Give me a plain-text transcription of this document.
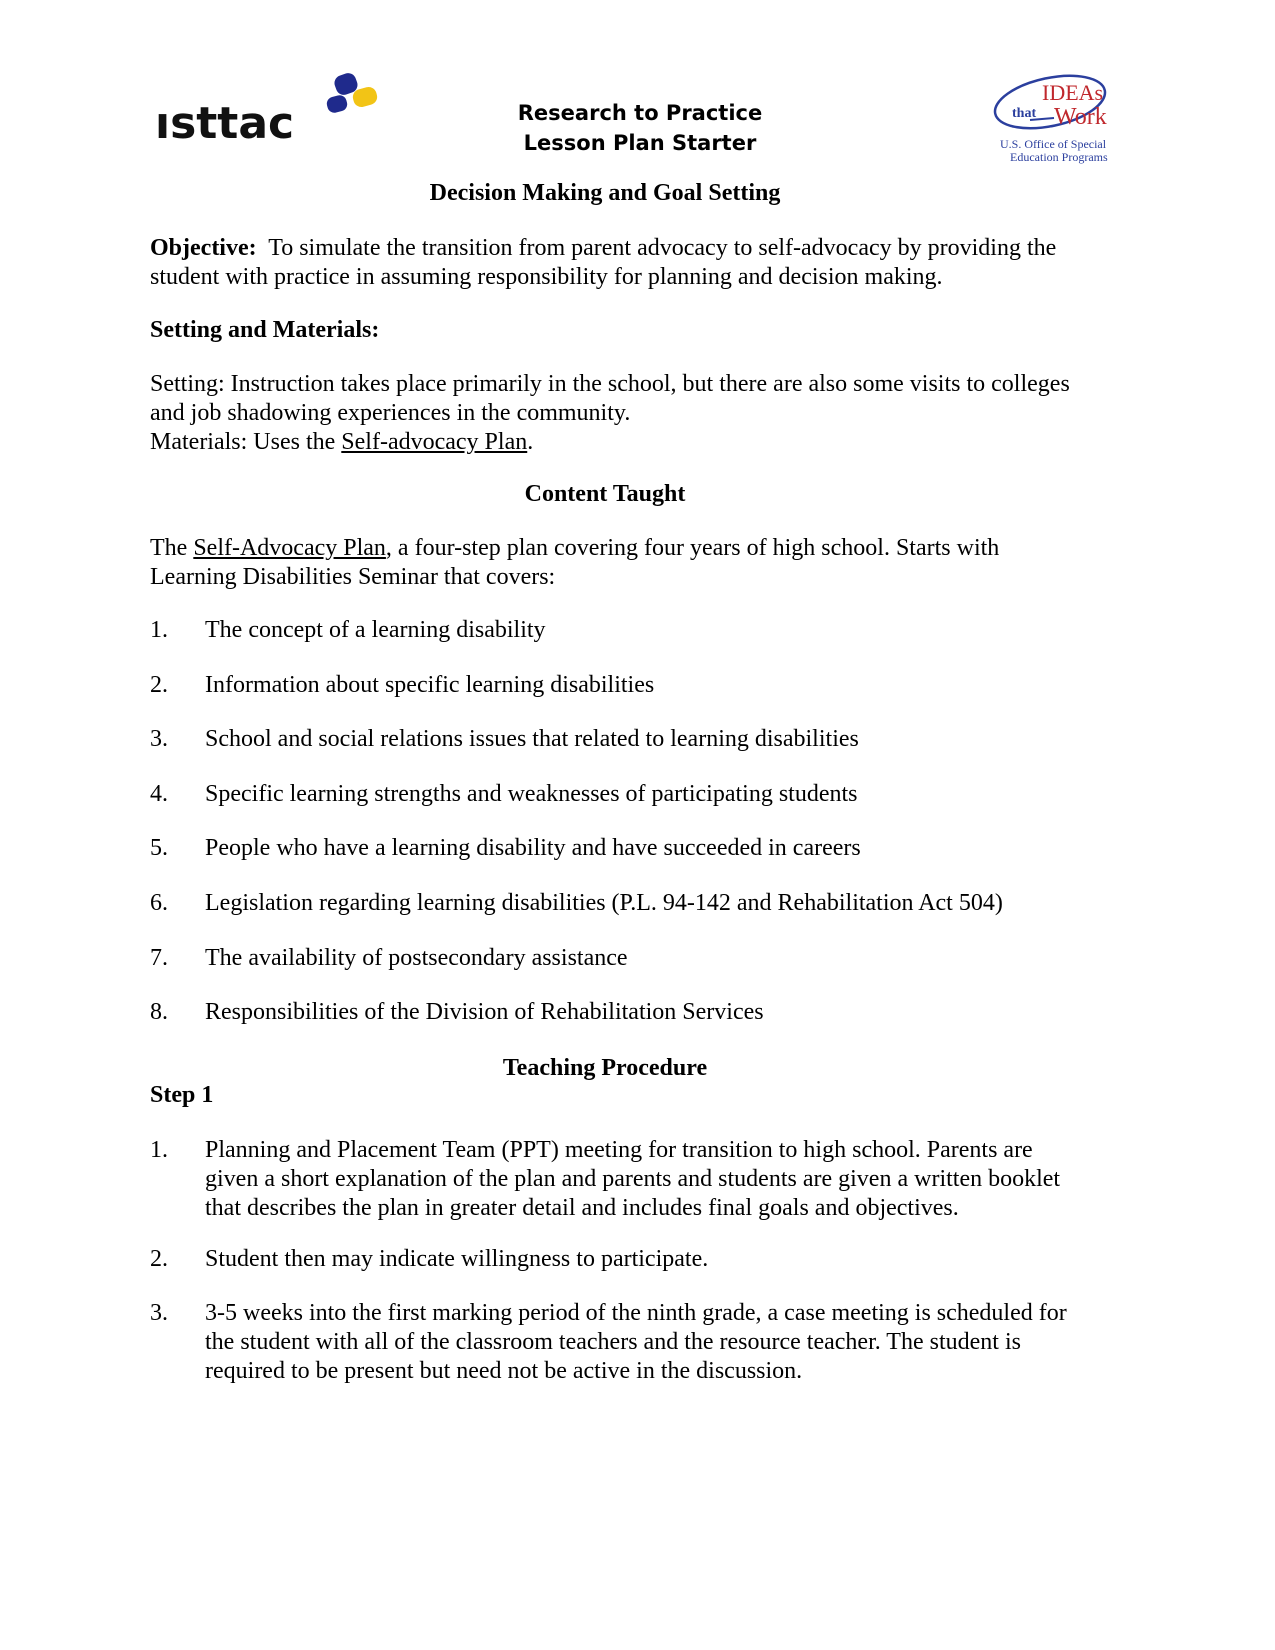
ısttac	Research to Practice
Lesson Plan Starter
IDEAs
that Work
U.S. Office of Special
Education Programs
Decision Making and Goal Setting
Objective: To simulate the transition from parent advocacy to self-advocacy by providing the student with practice in assuming responsibility for planning and decision making.
Setting and Materials:
Setting: Instruction takes place primarily in the school, but there are also some visits to colleges
and job shadowing experiences in the community.
Materials: Uses the Self-advocacy Plan.
Content Taught
The Self-Advocacy Plan, a four-step plan covering four years of high school. Starts with
Learning Disabilities Seminar that covers:
1.	The concept of a learning disability
2.	Information about specific learning disabilities
3.	School and social relations issues that related to learning disabilities
4.	Specific learning strengths and weaknesses of participating students
5.	People who have a learning disability and have succeeded in careers
6.	Legislation regarding learning disabilities (P.L. 94-142 and Rehabilitation Act 504)
7.	The availability of postsecondary assistance
8.	Responsibilities of the Division of Rehabilitation Services
Teaching Procedure
Step 1
1.	Planning and Placement Team (PPT) meeting for transition to high school. Parents are
given a short explanation of the plan and parents and students are given a written booklet
that describes the plan in greater detail and includes final goals and objectives.
2.	Student then may indicate willingness to participate.
3.	3-5 weeks into the first marking period of the ninth grade, a case meeting is scheduled for
the student with all of the classroom teachers and the resource teacher. The student is
required to be present but need not be active in the discussion.
